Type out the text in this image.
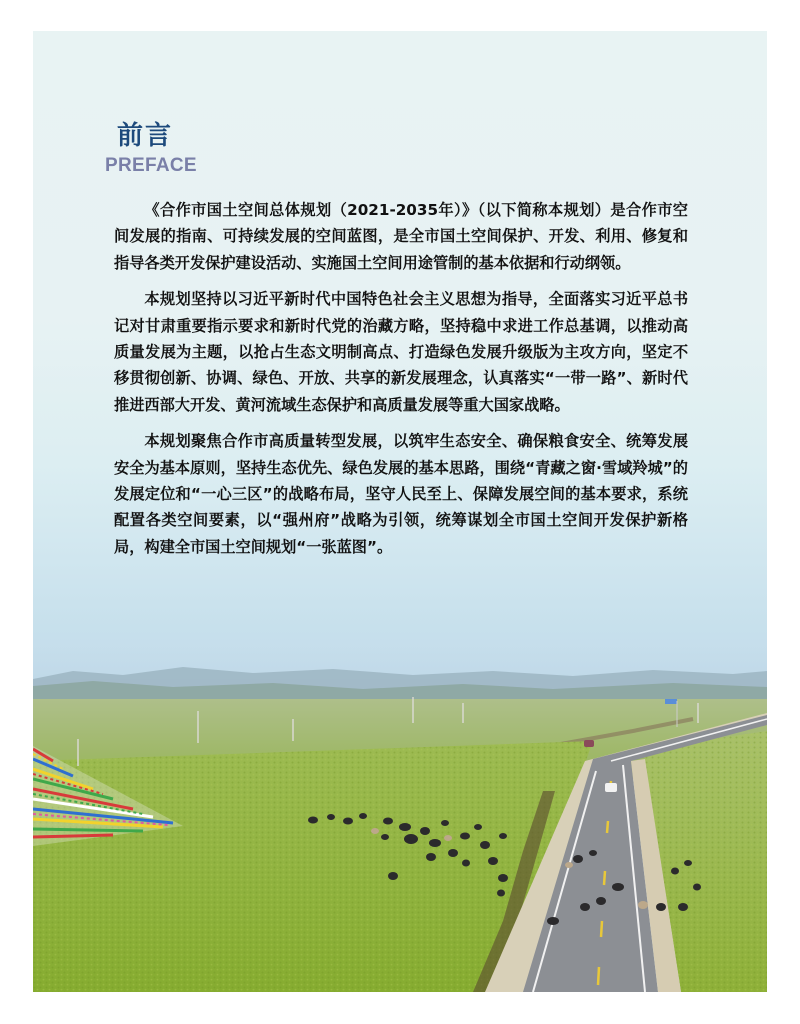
前言
PREFACE

《合作市国土空间总体规划（2021-2035年）》（以下简称本规划）是合作市空间发展的指南、可持续发展的空间蓝图，是全市国土空间保护、开发、利用、修复和指导各类开发保护建设活动、实施国土空间用途管制的基本依据和行动纲领。

本规划坚持以习近平新时代中国特色社会主义思想为指导，全面落实习近平总书记对甘肃重要指示要求和新时代党的治藏方略，坚持稳中求进工作总基调，以推动高质量发展为主题，以抢占生态文明制高点、打造绿色发展升级版为主攻方向，坚定不移贯彻创新、协调、绿色、开放、共享的新发展理念，认真落实“一带一路”、新时代推进西部大开发、黄河流域生态保护和高质量发展等重大国家战略。

本规划聚焦合作市高质量转型发展，以筑牢生态安全、确保粮食安全、统筹发展安全为基本原则，坚持生态优先、绿色发展的基本思路，围绕“青藏之窗·雪域羚城”的发展定位和“一心三区”的战略布局，坚守人民至上、保障发展空间的基本要求，系统配置各类空间要素，以“强州府”战略为引领，统筹谋划全市国土空间开发保护新格局，构建全市国土空间规划“一张蓝图”。
